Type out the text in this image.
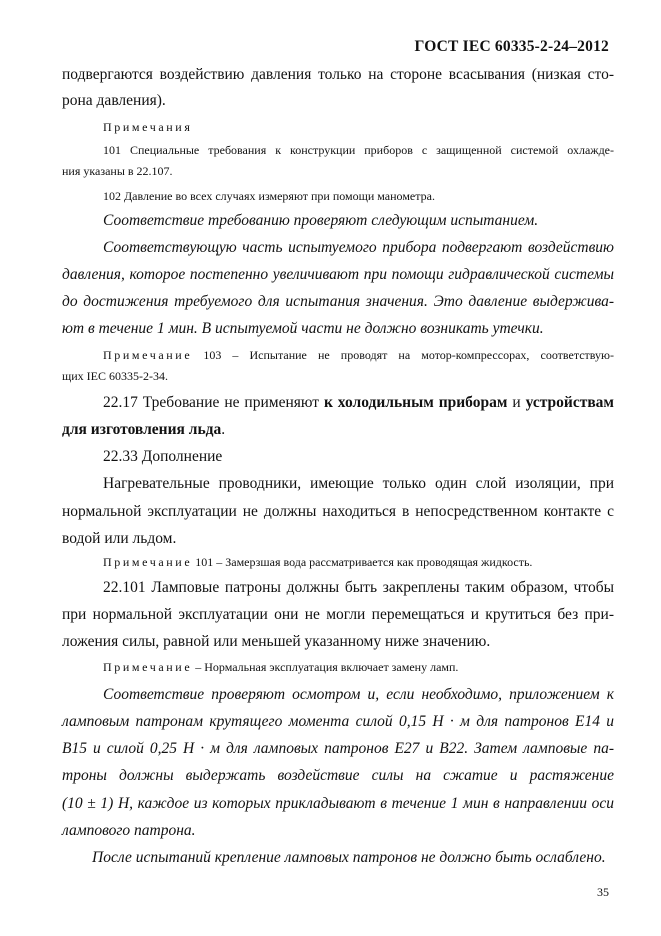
ГОСТ IEC 60335-2-24–2012
подвергаются воздействию давления только на стороне всасывания (низкая сто-
рона давления).
Примечания
101 Специальные требования к конструкции приборов с защищенной системой охлажде-
ния указаны в 22.107.
102 Давление во всех случаях измеряют при помощи манометра.
Соответствие требованию проверяют следующим испытанием.
Соответствующую часть испытуемого прибора подвергают воздействию
давления, которое постепенно увеличивают при помощи гидравлической системы
до достижения требуемого для испытания значения. Это давление выдержива-
ют в течение 1 мин. В испытуемой части не должно возникать утечки.
Примечание 103 – Испытание не проводят на мотор-компрессорах, соответствую-
щих IEC 60335-2-34.
22.17 Требование не применяют к холодильным приборам и устройствам
для изготовления льда.
22.33 Дополнение
Нагревательные проводники, имеющие только один слой изоляции, при
нормальной эксплуатации не должны находиться в непосредственном контакте с
водой или льдом.
Примечание 101 – Замерзшая вода рассматривается как проводящая жидкость.
22.101 Ламповые патроны должны быть закреплены таким образом, чтобы
при нормальной эксплуатации они не могли перемещаться и крутиться без при-
ложения силы, равной или меньшей указанному ниже значению.
Примечание – Нормальная эксплуатация включает замену ламп.
Соответствие проверяют осмотром и, если необходимо, приложением к
ламповым патронам крутящего момента силой 0,15 Н · м для патронов Е14 и
В15 и силой 0,25 Н · м для ламповых патронов Е27 и В22. Затем ламповые па-
троны должны выдержать воздействие силы на сжатие и растяжение
(10 ± 1) Н, каждое из которых прикладывают в течение 1 мин в направлении оси
лампового патрона.
После испытаний крепление ламповых патронов не должно быть ослаблено.
35
